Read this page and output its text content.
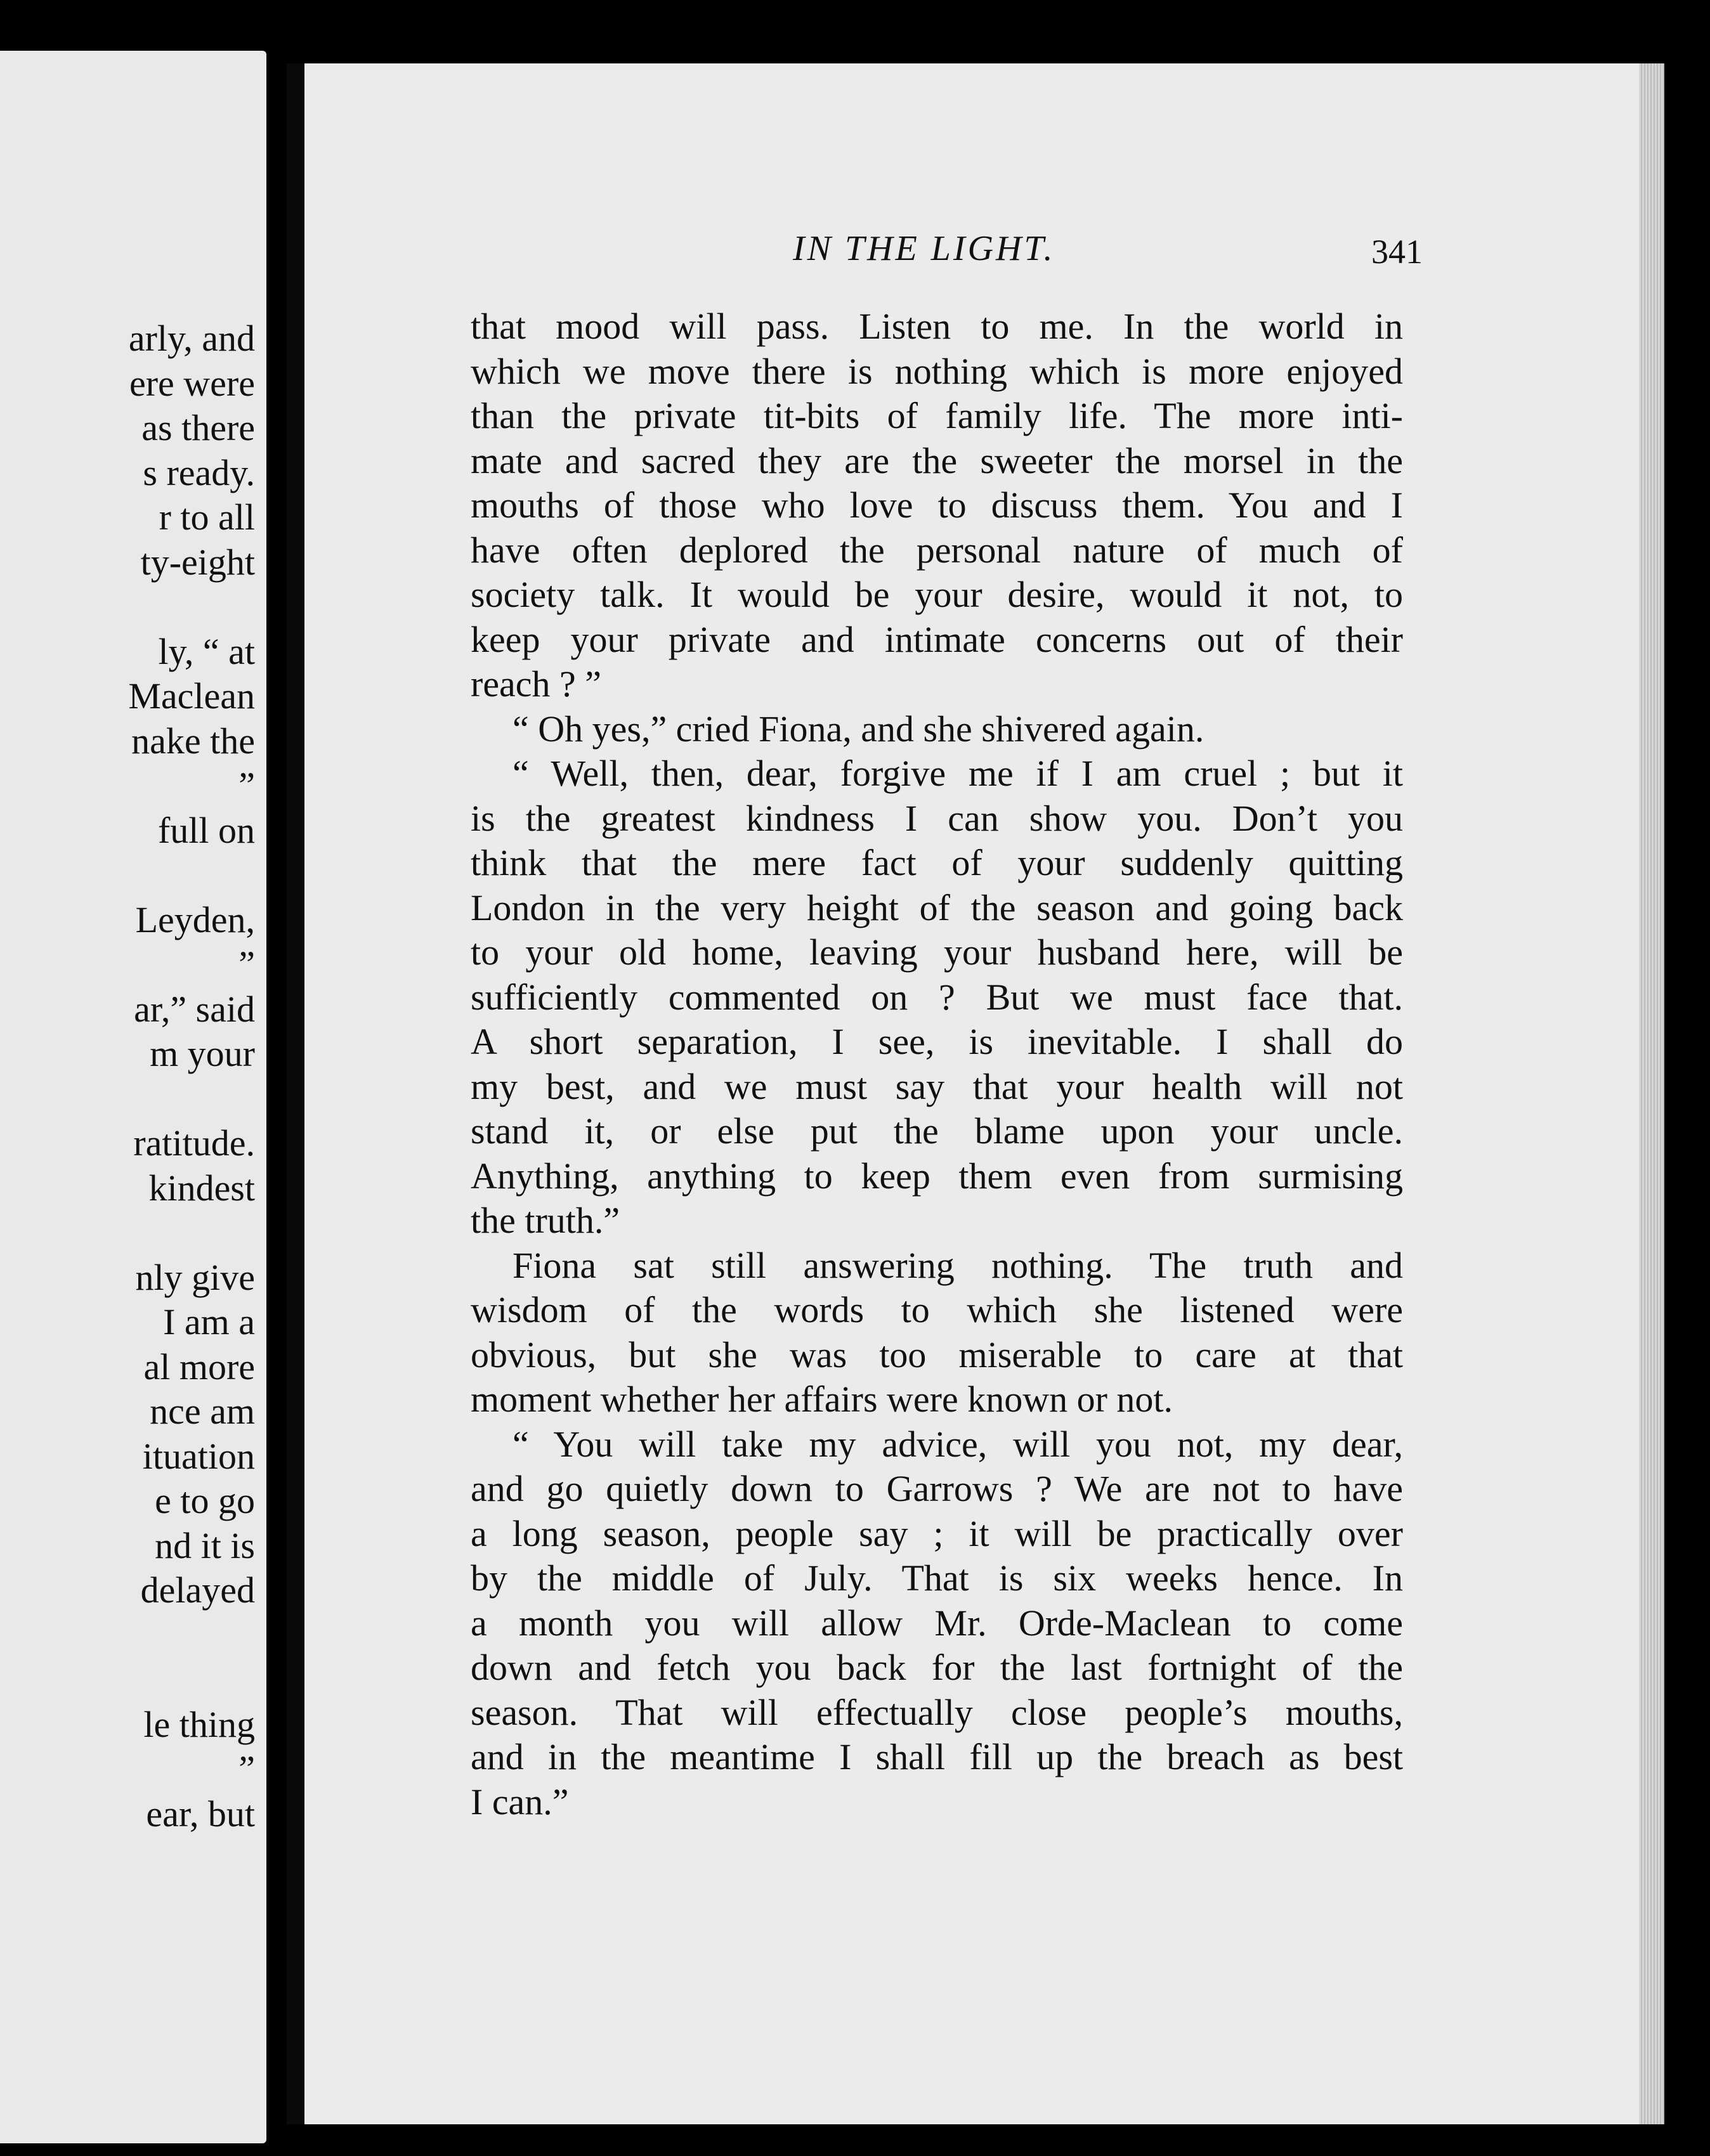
arly, and
ere were
as there
s ready.
r to all
ty-eight
ly, “ at
Maclean
nake the
”
full on
Leyden,
”
ar,” said
m your
ratitude.
kindest
nly give
I am a
al more
nce am
ituation
e to go
nd it is
delayed
le thing
”
ear, but
IN THE LIGHT.	341
that mood will pass. Listen to me. In the world in
which we move there is nothing which is more enjoyed
than the private tit-bits of family life. The more inti-
mate and sacred they are the sweeter the morsel in the
mouths of those who love to discuss them. You and I
have often deplored the personal nature of much of
society talk. It would be your desire, would it not, to
keep your private and intimate concerns out of their
reach ? ”
“ Oh yes,” cried Fiona, and she shivered again.
“ Well, then, dear, forgive me if I am cruel ; but it
is the greatest kindness I can show you. Don’t you
think that the mere fact of your suddenly quitting
London in the very height of the season and going back
to your old home, leaving your husband here, will be
sufficiently commented on ? But we must face that.
A short separation, I see, is inevitable. I shall do
my best, and we must say that your health will not
stand it, or else put the blame upon your uncle.
Anything, anything to keep them even from surmising
the truth.”
Fiona sat still answering nothing. The truth and
wisdom of the words to which she listened were
obvious, but she was too miserable to care at that
moment whether her affairs were known or not.
“ You will take my advice, will you not, my dear,
and go quietly down to Garrows ? We are not to have
a long season, people say ; it will be practically over
by the middle of July. That is six weeks hence. In
a month you will allow Mr. Orde-Maclean to come
down and fetch you back for the last fortnight of the
season. That will effectually close people’s mouths,
and in the meantime I shall fill up the breach as best
I can.”
